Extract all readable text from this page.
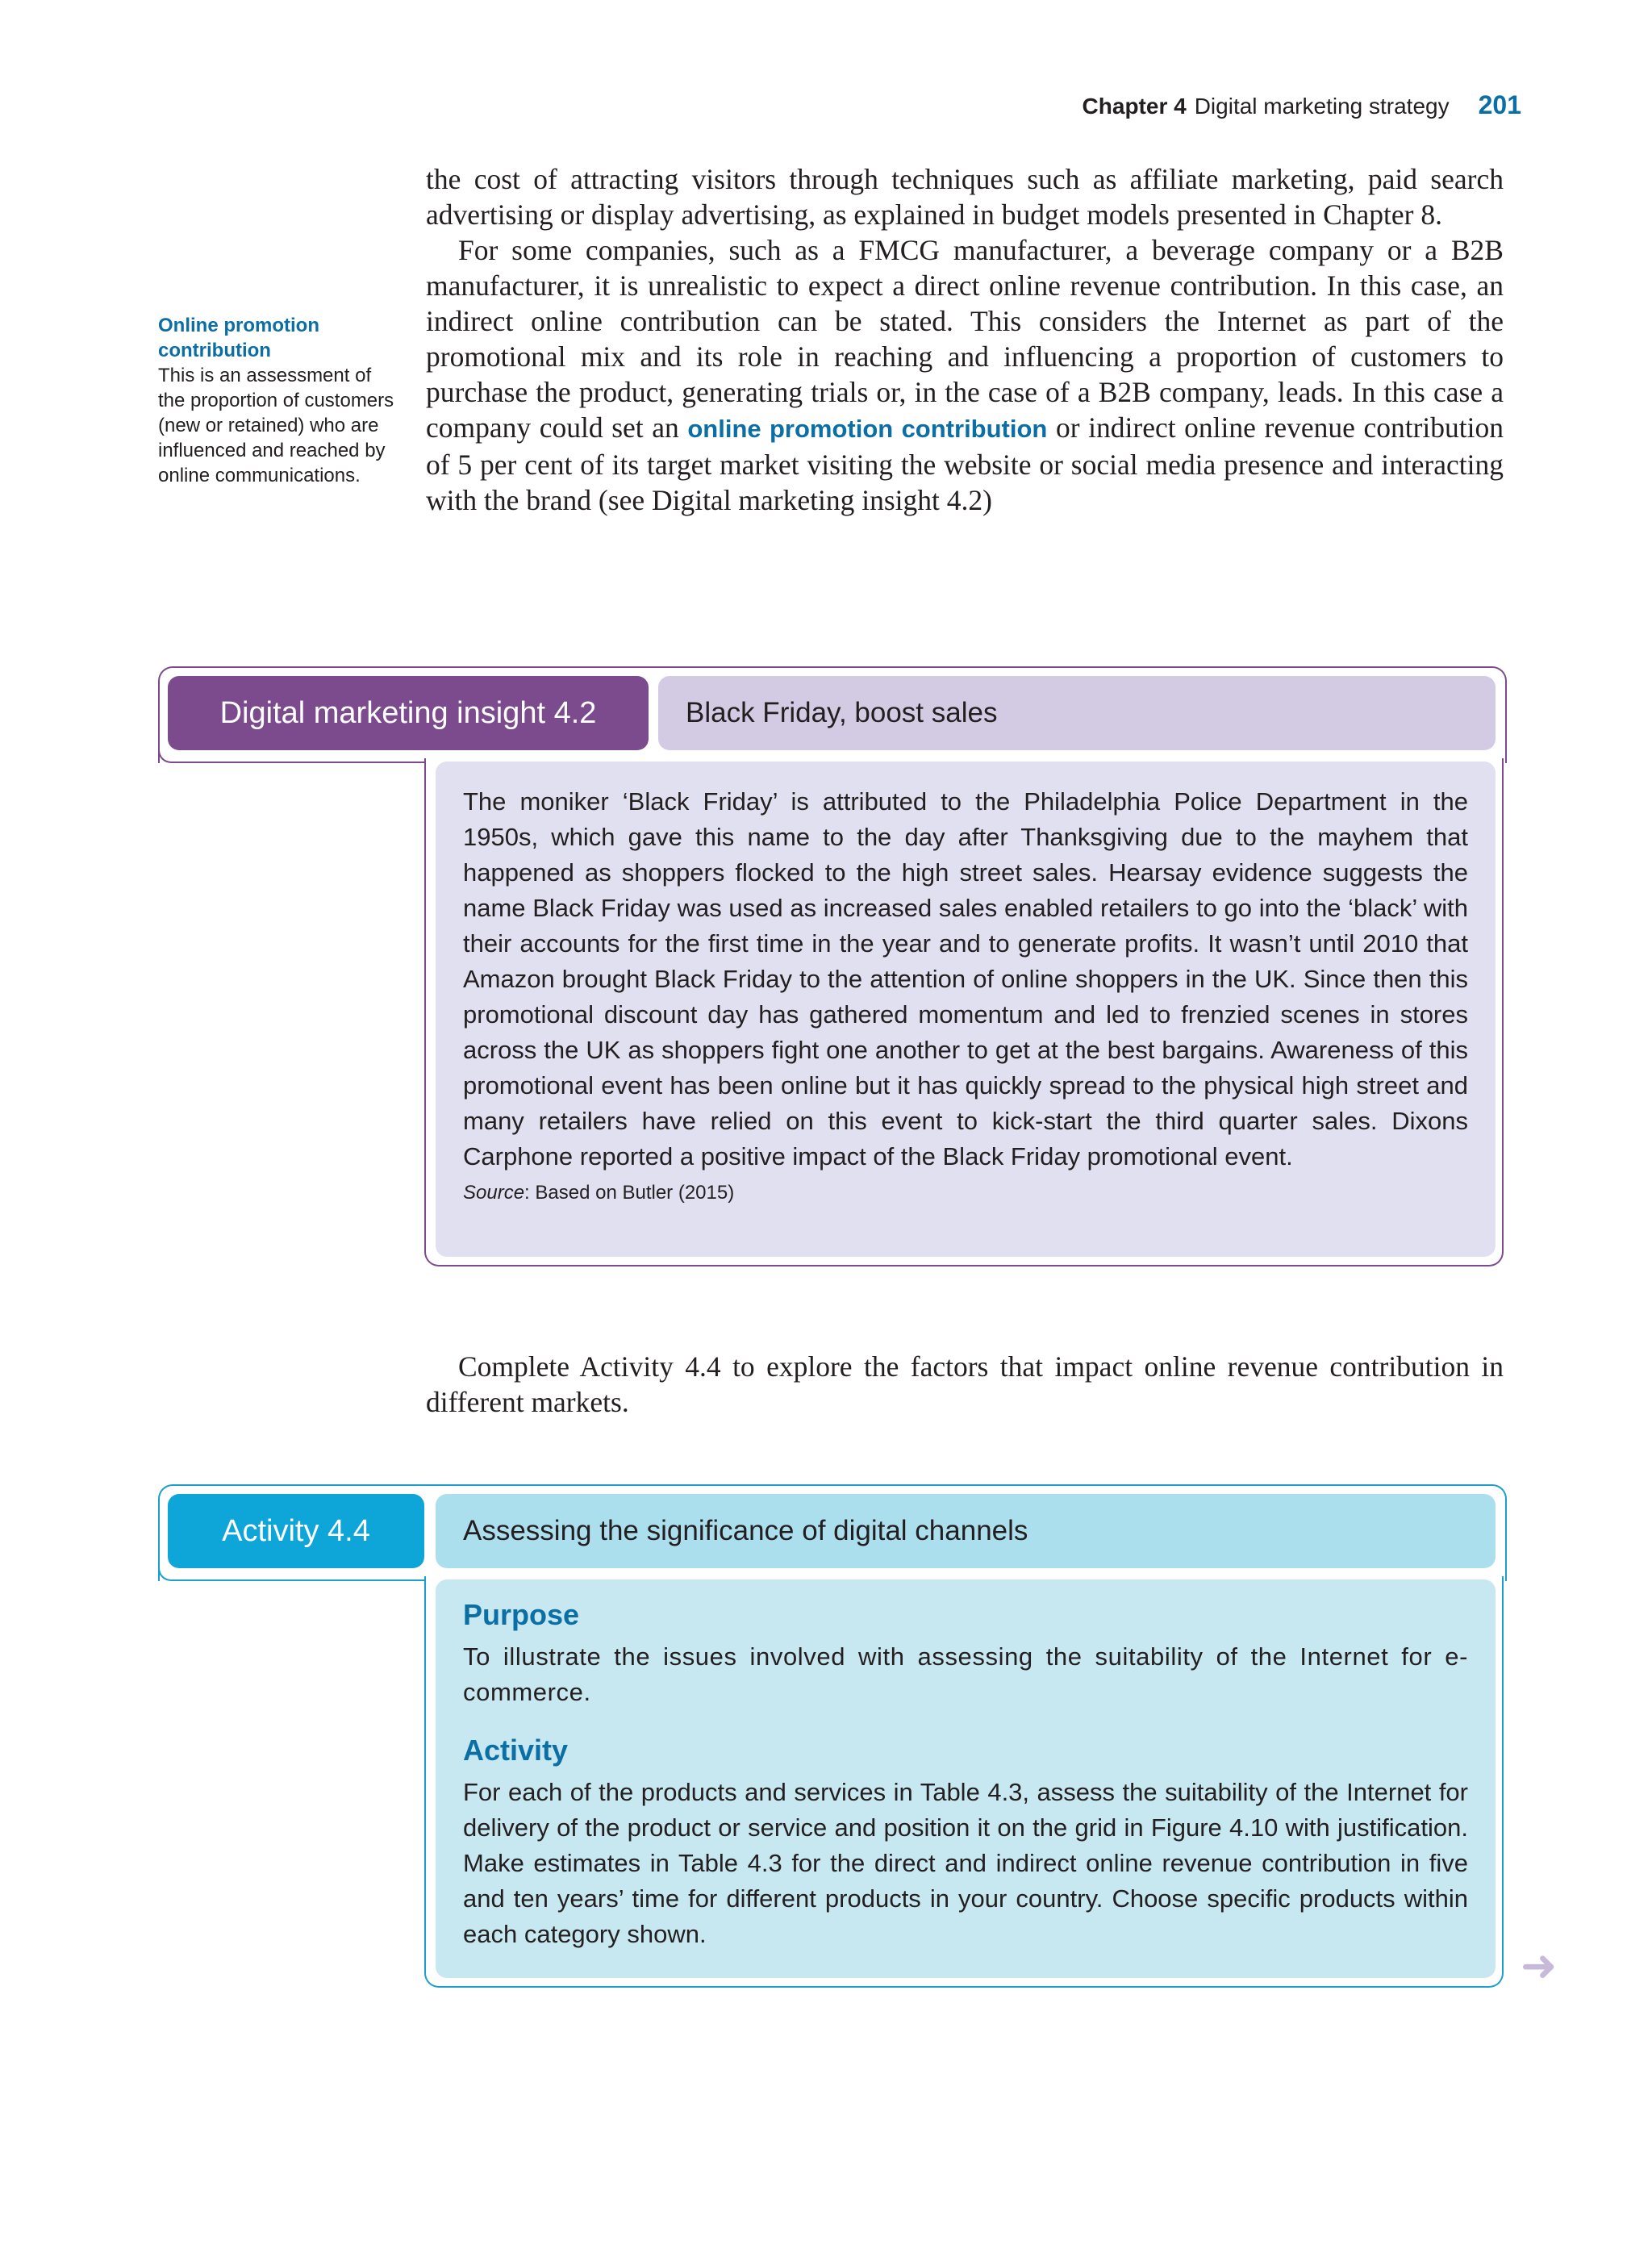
Chapter 4 Digital marketing strategy 201

the cost of attracting visitors through techniques such as affiliate marketing, paid search advertising or display advertising, as explained in budget models presented in Chapter 8.

For some companies, such as a FMCG manufacturer, a beverage company or a B2B manufacturer, it is unrealistic to expect a direct online revenue contribution. In this case, an indirect online contribution can be stated. This considers the Internet as part of the promotional mix and its role in reaching and influencing a proportion of customers to purchase the product, generating trials or, in the case of a B2B company, leads. In this case a company could set an online promotion contribution or indirect online revenue contribution of 5 per cent of its target market visiting the website or social media presence and interacting with the brand (see Digital marketing insight 4.2)

Online promotion contribution
This is an assessment of the proportion of customers (new or retained) who are influenced and reached by online communications.
Digital marketing insight 4.2	Black Friday, boost sales

The moniker ‘Black Friday’ is attributed to the Philadelphia Police Department in the 1950s, which gave this name to the day after Thanksgiving due to the mayhem that happened as shoppers flocked to the high street sales. Hearsay evidence suggests the name Black Friday was used as increased sales enabled retailers to go into the ‘black’ with their accounts for the first time in the year and to generate profits. It wasn’t until 2010 that Amazon brought Black Friday to the attention of online shoppers in the UK. Since then this promotional discount day has gathered momentum and led to frenzied scenes in stores across the UK as shoppers fight one another to get at the best bargains. Awareness of this promotional event has been online but it has quickly spread to the physical high street and many retailers have relied on this event to kick-start the third quarter sales. Dixons Carphone reported a positive impact of the Black Friday promotional event.

Source: Based on Butler (2015)

Complete Activity 4.4 to explore the factors that impact online revenue contribution in different markets.

Activity 4.4	Assessing the significance of digital channels

Purpose

To illustrate the issues involved with assessing the suitability of the Internet for e-commerce.

Activity

For each of the products and services in Table 4.3, assess the suitability of the Internet for delivery of the product or service and position it on the grid in Figure 4.10 with justification. Make estimates in Table 4.3 for the direct and indirect online revenue contribution in five and ten years’ time for different products in your country. Choose specific products within each category shown.

➜
